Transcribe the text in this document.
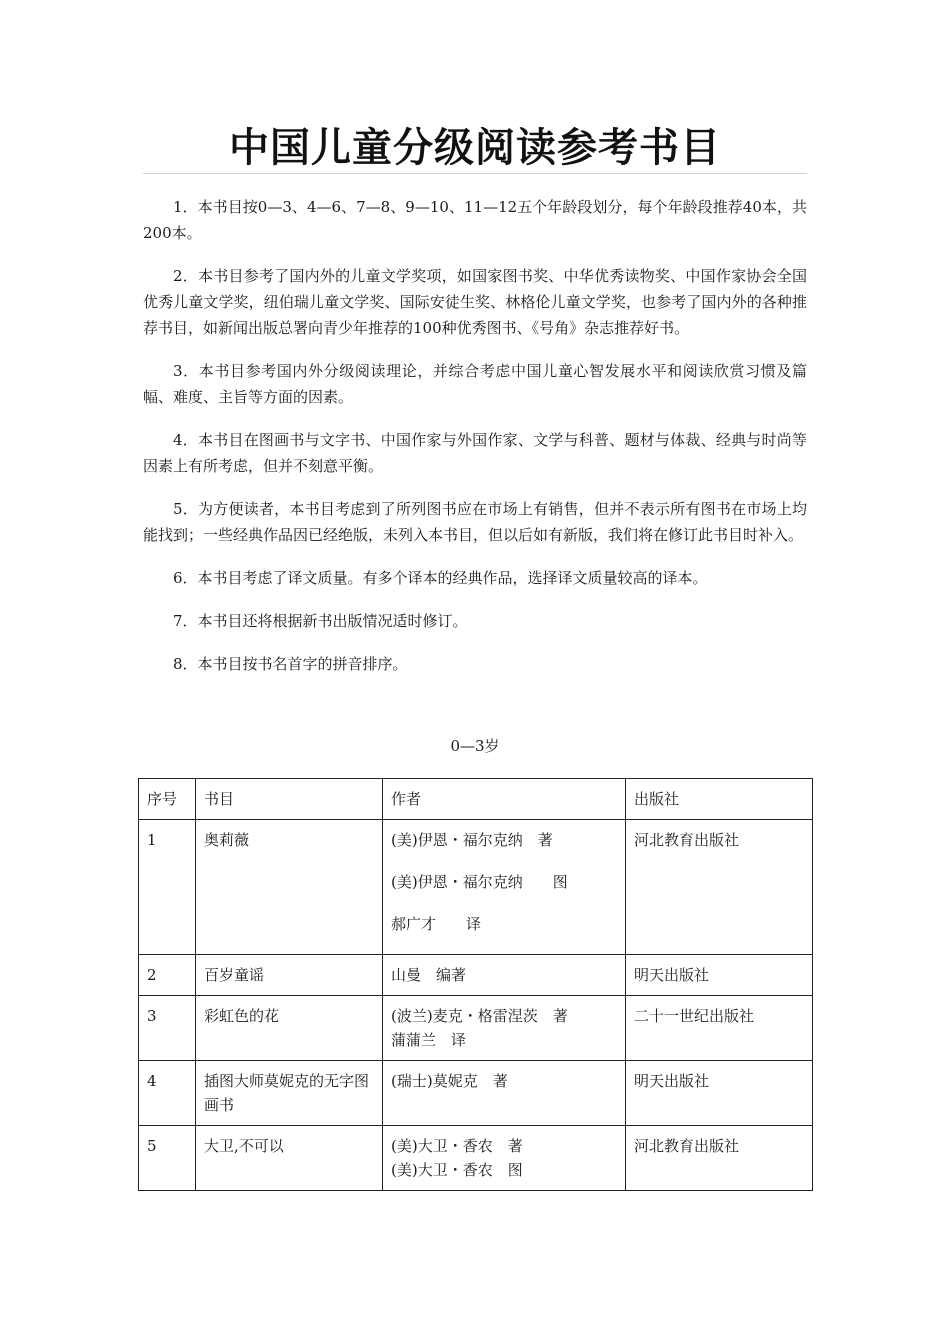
中国儿童分级阅读参考书目

1．本书目按0—3、4—6、7—8、9—10、11—12五个年龄段划分，每个年龄段推荐40本，共200本。

2．本书目参考了国内外的儿童文学奖项，如国家图书奖、中华优秀读物奖、中国作家协会全国优秀儿童文学奖，纽伯瑞儿童文学奖、国际安徒生奖、林格伦儿童文学奖，也参考了国内外的各种推荐书目，如新闻出版总署向青少年推荐的100种优秀图书、《号角》杂志推荐好书。

3．本书目参考国内外分级阅读理论，并综合考虑中国儿童心智发展水平和阅读欣赏习惯及篇幅、难度、主旨等方面的因素。

4．本书目在图画书与文字书、中国作家与外国作家、文学与科普、题材与体裁、经典与时尚等因素上有所考虑，但并不刻意平衡。

5．为方便读者，本书目考虑到了所列图书应在市场上有销售，但并不表示所有图书在市场上均能找到；一些经典作品因已经绝版，未列入本书目，但以后如有新版，我们将在修订此书目时补入。

6．本书目考虑了译文质量。有多个译本的经典作品，选择译文质量较高的译本。

7．本书目还将根据新书出版情况适时修订。

8．本书目按书名首字的拼音排序。

0—3岁
序号	书目	作者	出版社
1	奥莉薇	(美)伊恩・福尔克纳　著
(美)伊恩・福尔克纳　　图
郝广才　　译	河北教育出版社
2	百岁童谣	山曼　编著	明天出版社
3	彩虹色的花	(波兰)麦克・格雷涅茨　著
蒲蒲兰　译	二十一世纪出版社
4	插图大师莫妮克的无字图画书	(瑞士)莫妮克　著	明天出版社
5	大卫,不可以	(美)大卫・香农　著
(美)大卫・香农　图	河北教育出版社
